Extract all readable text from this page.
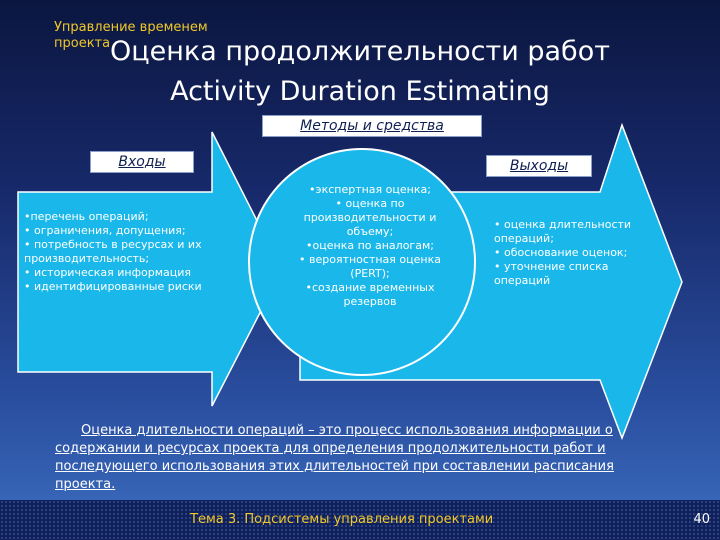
Управление временем проекта Оценка продолжительности работ
Activity Duration Estimating
Методы и средства
Входы	Выходы
•перечень операций;
• ограничения, допущения;
• потребность в ресурсах и их производительность;
• историческая информация
• идентифицированные риски
•экспертная оценка;
• оценка по производительности и объему;
•оценка по аналогам;
• вероятностная оценка (PERT);
•создание временных резервов
• оценка длительности операций;
• обоснование оценок;
• уточнение списка операций
Оценка длительности операций – это процесс использования информации о содержании и ресурсах проекта для определения продолжительности работ и последующего использования этих длительностей при составлении расписания проекта.
Тема 3. Подсистемы управления проектами	40
